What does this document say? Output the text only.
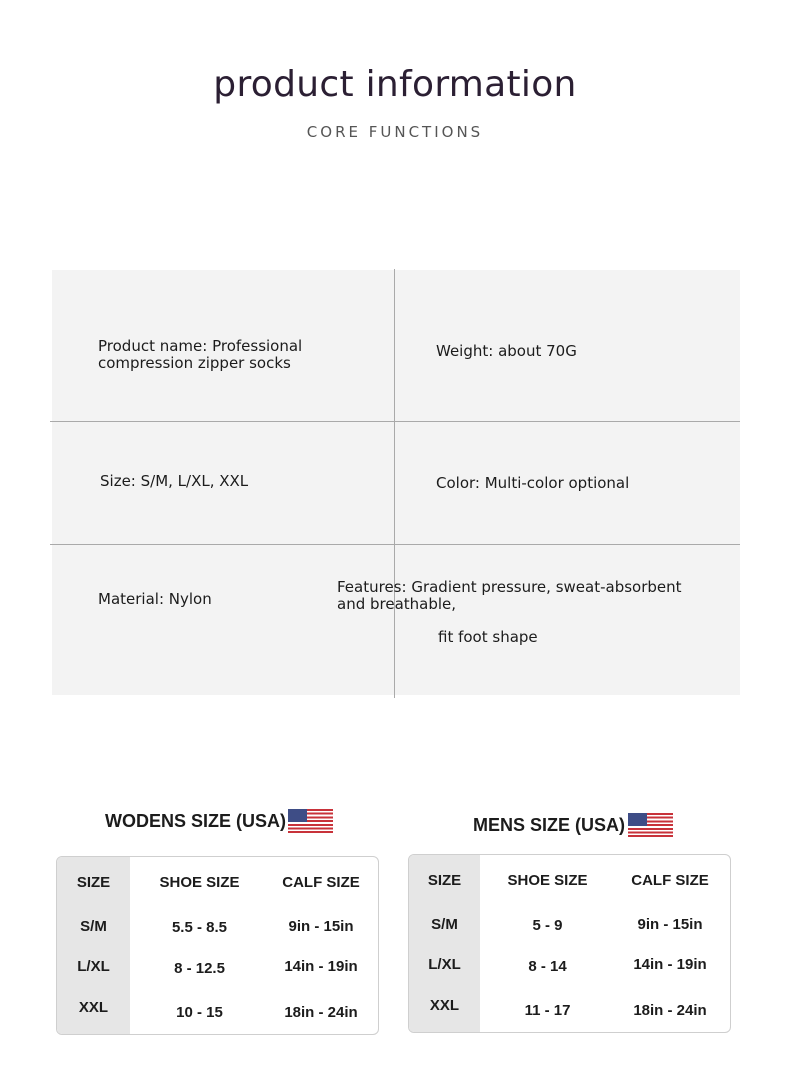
product information
CORE FUNCTIONS
Product name: Professional
compression zipper socks
Weight: about 70G
Size: S/M, L/XL, XXL	Color: Multi-color optional
Material: Nylon
Features: Gradient pressure, sweat-absorbent
and breathable,
fit foot shape
WODENS SIZE (USA)
SIZE	SHOE SIZE	CALF SIZE
S/M	5.5 - 8.5	9in - 15in
L/XL	8 - 12.5	14in - 19in
XXL	10 - 15	18in - 24in
MENS SIZE (USA)
SIZE	SHOE SIZE	CALF SIZE
S/M	5 - 9	9in - 15in
L/XL	8 - 14	14in - 19in
XXL	11 - 17	18in - 24in
